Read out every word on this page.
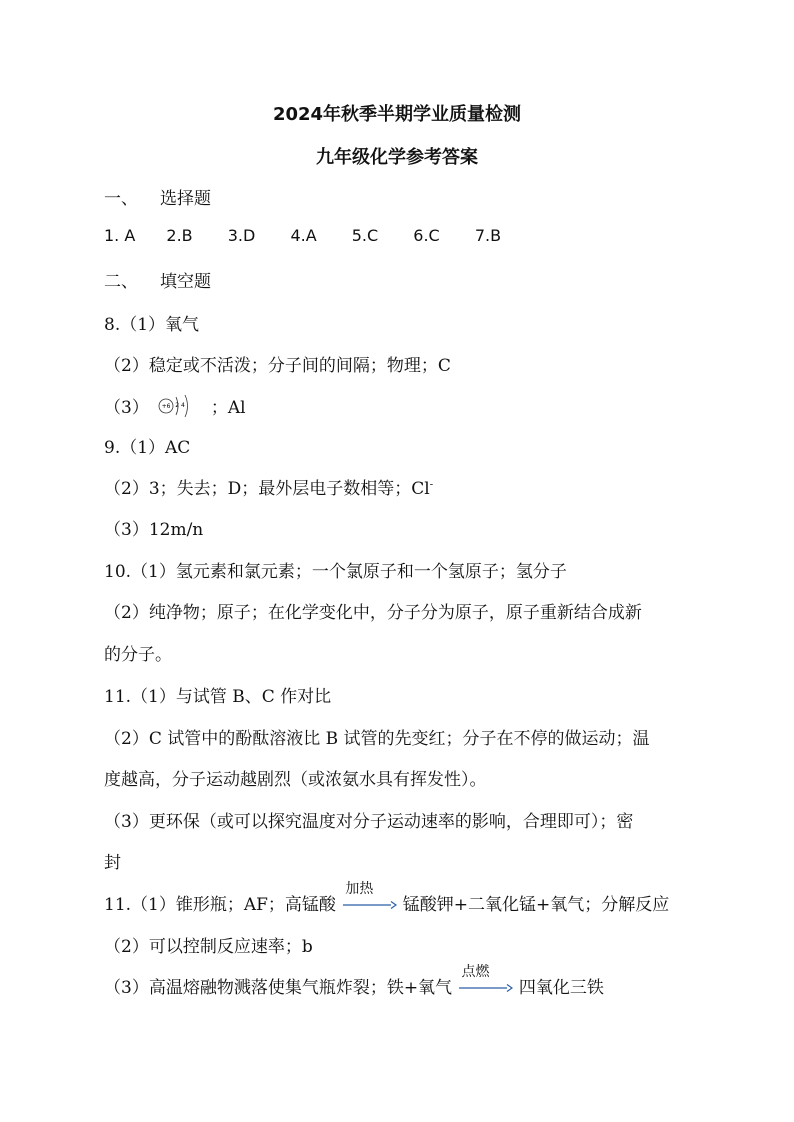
2024年秋季半期学业质量检测
九年级化学参考答案
一、 选择题
1. A 2.B 3.D 4.A 5.C 6.C 7.B
二、 填空题
8.（1）氧气
（2）稳定或不活泼；分子间的间隔；物理；C
（3） +6 2 4 ；Al
9.（1）AC
（2）3；失去；D；最外层电子数相等；Cl-
（3）12m/n
10.（1）氢元素和氯元素；一个氯原子和一个氢原子；氢分子
（2）纯净物；原子；在化学变化中，分子分为原子，原子重新结合成新
的分子。
11.（1）与试管 B、C 作对比
（2）C 试管中的酚酞溶液比 B 试管的先变红；分子在不停的做运动；温
度越高，分子运动越剧烈（或浓氨水具有挥发性）。
（3）更环保（或可以探究温度对分子运动速率的影响，合理即可）；密
封
11.（1）锥形瓶；AF；高锰酸
加热
锰酸钾+二氧化锰+氧气；分解反应
（2）可以控制反应速率；b
（3）高温熔融物溅落使集气瓶炸裂；铁+氧气
点燃
四氧化三铁
